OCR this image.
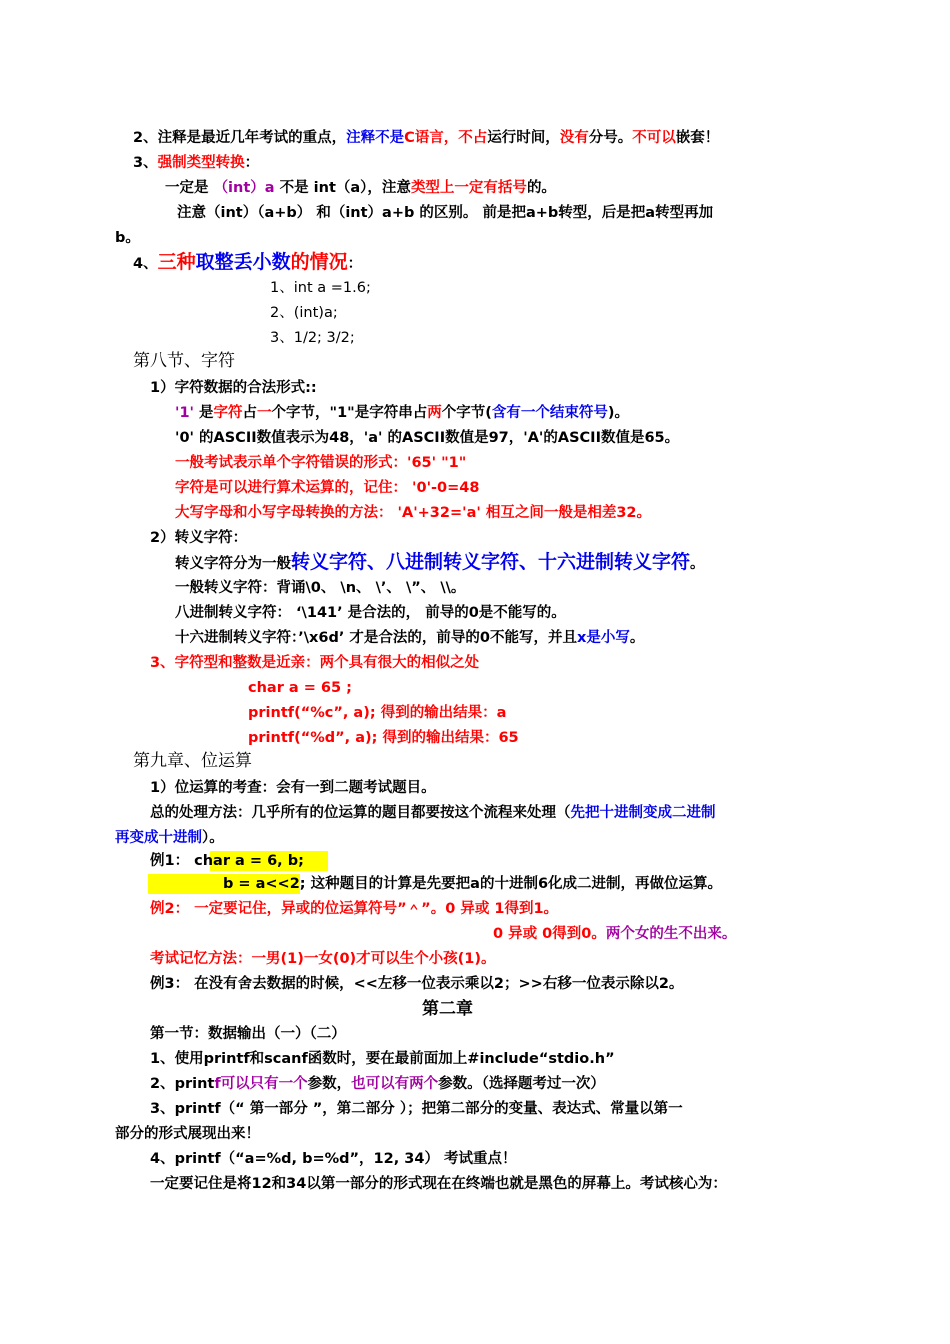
2、注释是最近几年考试的重点，注释不是C语言，不占运行时间，没有分号。不可以嵌套！
3、强制类型转换：
一定是 （int）a 不是 int（a），注意类型上一定有括号的。
注意（int）（a+b） 和（int）a+b 的区别。 前是把a+b转型，后是把a转型再加
b。
4、三种取整丢小数的情况：
1、int a =1.6;
2、(int)a;
3、1/2; 3/2;
第八节、字符
1）字符数据的合法形式::
'1' 是字符占一个字节，"1"是字符串占两个字节(含有一个结束符号)。
'0' 的ASCII数值表示为48，'a' 的ASCII数值是97，'A'的ASCII数值是65。
一般考试表示单个字符错误的形式：'65' "1"
字符是可以进行算术运算的，记住： '0'-0=48
大写字母和小写字母转换的方法： 'A'+32='a' 相互之间一般是相差32。
2）转义字符：
转义字符分为一般转义字符、八进制转义字符、十六进制转义字符。
一般转义字符：背诵\0、 \n、 \’、 \”、 \\。
八进制转义字符： ‘\141’ 是合法的， 前导的0是不能写的。
十六进制转义字符：’\x6d’ 才是合法的，前导的0不能写，并且x是小写。
3、字符型和整数是近亲：两个具有很大的相似之处
char a = 65 ;
printf(“%c”, a); 得到的输出结果：a
printf(“%d”, a); 得到的输出结果：65
第九章、位运算
1）位运算的考查：会有一到二题考试题目。
总的处理方法：几乎所有的位运算的题目都要按这个流程来处理（先把十进制变成二进制
再变成十进制）。
例1： char a = 6, b;
b = a<<2; 这种题目的计算是先要把a的十进制6化成二进制，再做位运算。
例2： 一定要记住，异或的位运算符号”＾”。0 异或 1得到1。
0 异或 0得到0。两个女的生不出来。
考试记忆方法：一男(1)一女(0)才可以生个小孩(1)。
例3： 在没有舍去数据的时候，<<左移一位表示乘以2；>>右移一位表示除以2。
第二章
第一节：数据输出（一）（二）
1、使用printf和scanf函数时，要在最前面加上#include“stdio.h”
2、printf可以只有一个参数，也可以有两个参数。（选择题考过一次）
3、printf（“ 第一部分 ”，第二部分 ）；把第二部分的变量、表达式、常量以第一
部分的形式展现出来！
4、printf（“a=%d, b=%d”，12, 34） 考试重点！
一定要记住是将12和34以第一部分的形式现在在终端也就是黑色的屏幕上。考试核心为：
